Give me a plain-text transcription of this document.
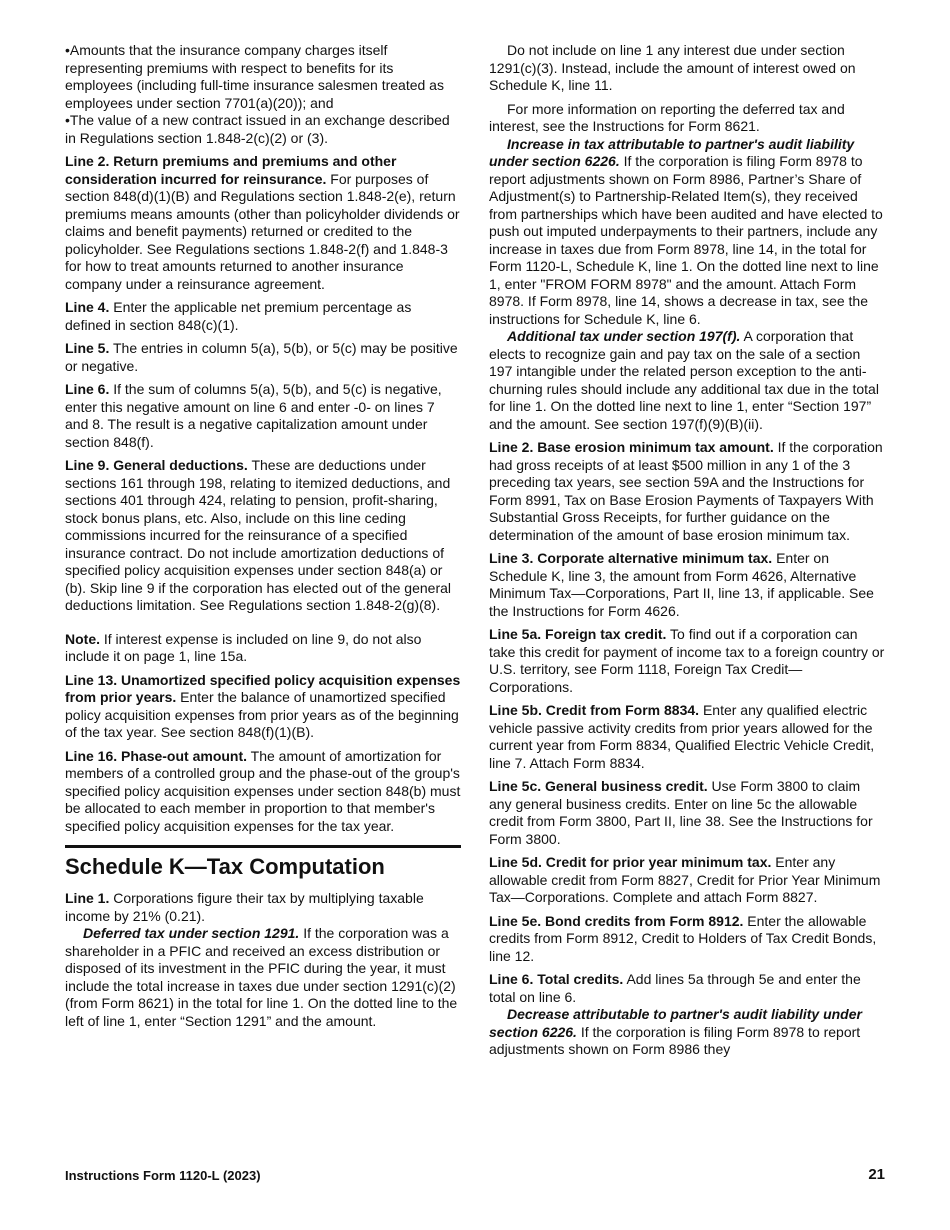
•Amounts that the insurance company charges itself representing premiums with respect to benefits for its employees (including full-time insurance salesmen treated as employees under section 7701(a)(20)); and

•The value of a new contract issued in an exchange described in Regulations section 1.848-2(c)(2) or (3).

Line 2. Return premiums and premiums and other consideration incurred for reinsurance. For purposes of section 848(d)(1)(B) and Regulations section 1.848-2(e), return premiums means amounts (other than policyholder dividends or claims and benefit payments) returned or credited to the policyholder. See Regulations sections 1.848-2(f) and 1.848-3 for how to treat amounts returned to another insurance company under a reinsurance agreement.

Line 4. Enter the applicable net premium percentage as defined in section 848(c)(1).

Line 5. The entries in column 5(a), 5(b), or 5(c) may be positive or negative.

Line 6. If the sum of columns 5(a), 5(b), and 5(c) is negative, enter this negative amount on line 6 and enter -0- on lines 7 and 8. The result is a negative capitalization amount under section 848(f).

Line 9. General deductions. These are deductions under sections 161 through 198, relating to itemized deductions, and sections 401 through 424, relating to pension, profit-sharing, stock bonus plans, etc. Also, include on this line ceding commissions incurred for the reinsurance of a specified insurance contract. Do not include amortization deductions of specified policy acquisition expenses under section 848(a) or (b). Skip line 9 if the corporation has elected out of the general deductions limitation. See Regulations section 1.848-2(g)(8).

Note. If interest expense is included on line 9, do not also include it on page 1, line 15a.

Line 13. Unamortized specified policy acquisition expenses from prior years. Enter the balance of unamortized specified policy acquisition expenses from prior years as of the beginning of the tax year. See section 848(f)(1)(B).

Line 16. Phase-out amount. The amount of amortization for members of a controlled group and the phase-out of the group's specified policy acquisition expenses under section 848(b) must be allocated to each member in proportion to that member's specified policy acquisition expenses for the tax year.

Schedule K—Tax Computation

Line 1. Corporations figure their tax by multiplying taxable income by 21% (0.21).

Deferred tax under section 1291. If the corporation was a shareholder in a PFIC and received an excess distribution or disposed of its investment in the PFIC during the year, it must include the total increase in taxes due under section 1291(c)(2) (from Form 8621) in the total for line 1. On the dotted line to the left of line 1, enter “Section 1291” and the amount.

Do not include on line 1 any interest due under section 1291(c)(3). Instead, include the amount of interest owed on Schedule K, line 11.

For more information on reporting the deferred tax and interest, see the Instructions for Form 8621.

Increase in tax attributable to partner's audit liability under section 6226. If the corporation is filing Form 8978 to report adjustments shown on Form 8986, Partner’s Share of Adjustment(s) to Partnership-Related Item(s), they received from partnerships which have been audited and have elected to push out imputed underpayments to their partners, include any increase in taxes due from Form 8978, line 14, in the total for Form 1120-L, Schedule K, line 1. On the dotted line next to line 1, enter "FROM FORM 8978" and the amount. Attach Form 8978. If Form 8978, line 14, shows a decrease in tax, see the instructions for Schedule K, line 6.

Additional tax under section 197(f). A corporation that elects to recognize gain and pay tax on the sale of a section 197 intangible under the related person exception to the anti-churning rules should include any additional tax due in the total for line 1. On the dotted line next to line 1, enter “Section 197” and the amount. See section 197(f)(9)(B)(ii).

Line 2. Base erosion minimum tax amount. If the corporation had gross receipts of at least $500 million in any 1 of the 3 preceding tax years, see section 59A and the Instructions for Form 8991, Tax on Base Erosion Payments of Taxpayers With Substantial Gross Receipts, for further guidance on the determination of the amount of base erosion minimum tax.

Line 3. Corporate alternative minimum tax. Enter on Schedule K, line 3, the amount from Form 4626, Alternative Minimum Tax—Corporations, Part II, line 13, if applicable. See the Instructions for Form 4626.

Line 5a. Foreign tax credit. To find out if a corporation can take this credit for payment of income tax to a foreign country or U.S. territory, see Form 1118, Foreign Tax Credit—Corporations.

Line 5b. Credit from Form 8834. Enter any qualified electric vehicle passive activity credits from prior years allowed for the current year from Form 8834, Qualified Electric Vehicle Credit, line 7. Attach Form 8834.

Line 5c. General business credit. Use Form 3800 to claim any general business credits. Enter on line 5c the allowable credit from Form 3800, Part II, line 38. See the Instructions for Form 3800.

Line 5d. Credit for prior year minimum tax. Enter any allowable credit from Form 8827, Credit for Prior Year Minimum Tax—Corporations. Complete and attach Form 8827.

Line 5e. Bond credits from Form 8912. Enter the allowable credits from Form 8912, Credit to Holders of Tax Credit Bonds, line 12.

Line 6. Total credits. Add lines 5a through 5e and enter the total on line 6.

Decrease attributable to partner's audit liability under section 6226. If the corporation is filing Form 8978 to report adjustments shown on Form 8986 they

Instructions Form 1120-L (2023)	21
